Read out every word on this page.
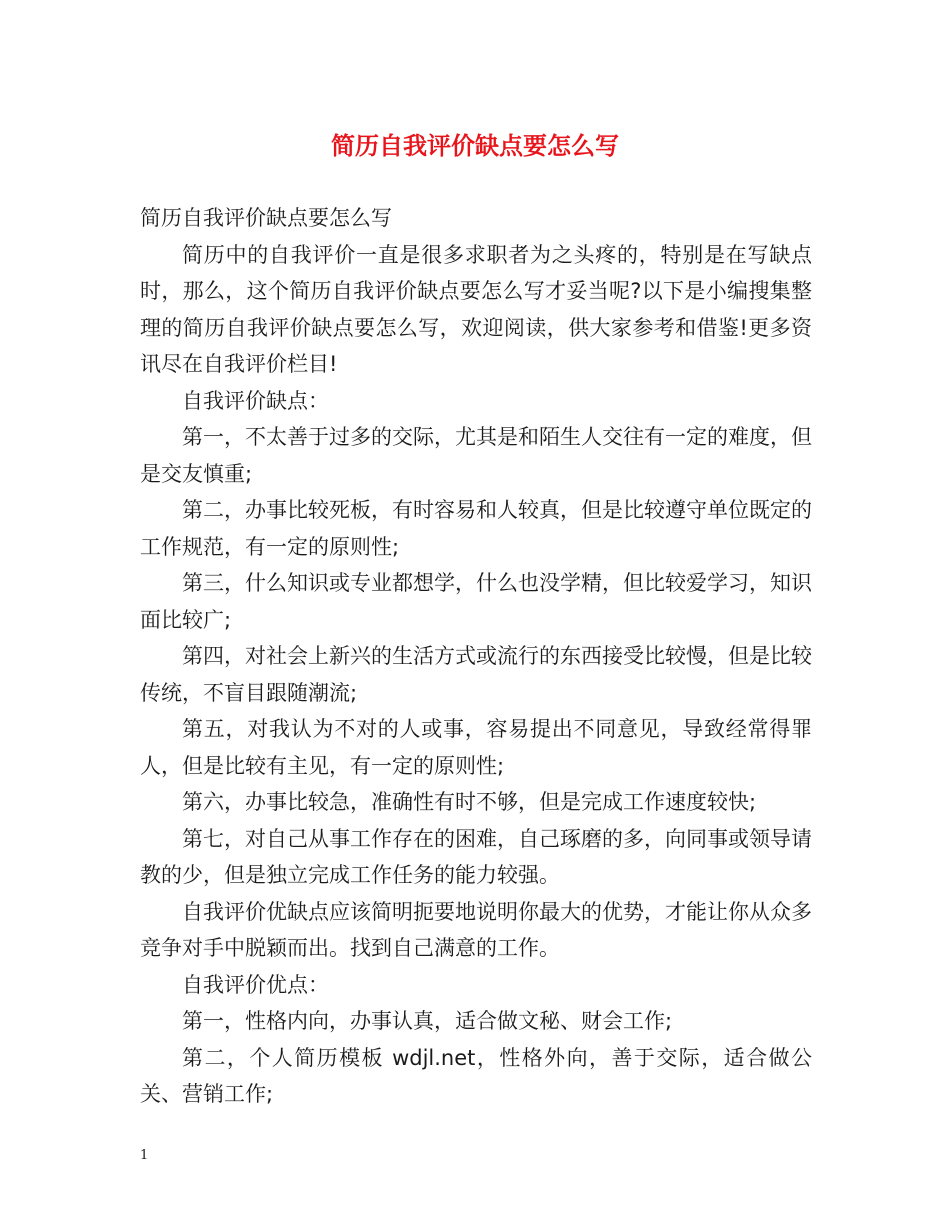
简历自我评价缺点要怎么写

简历自我评价缺点要怎么写

简历中的自我评价一直是很多求职者为之头疼的，特别是在写缺点时，那么，这个简历自我评价缺点要怎么写才妥当呢?以下是小编搜集整理的简历自我评价缺点要怎么写，欢迎阅读，供大家参考和借鉴!更多资讯尽在自我评价栏目!

自我评价缺点：

第一，不太善于过多的交际，尤其是和陌生人交往有一定的难度，但是交友慎重;

第二，办事比较死板，有时容易和人较真，但是比较遵守单位既定的工作规范，有一定的原则性;

第三，什么知识或专业都想学，什么也没学精，但比较爱学习，知识面比较广;

第四，对社会上新兴的生活方式或流行的东西接受比较慢，但是比较传统，不盲目跟随潮流;

第五，对我认为不对的人或事，容易提出不同意见，导致经常得罪人，但是比较有主见，有一定的原则性;

第六，办事比较急，准确性有时不够，但是完成工作速度较快;

第七，对自己从事工作存在的困难，自己琢磨的多，向同事或领导请教的少，但是独立完成工作任务的能力较强。

自我评价优缺点应该简明扼要地说明你最大的优势，才能让你从众多竞争对手中脱颖而出。找到自己满意的工作。

自我评价优点：

第一，性格内向，办事认真，适合做文秘、财会工作;

第二，个人简历模板 wdjl.net，性格外向，善于交际，适合做公关、营销工作;

1
